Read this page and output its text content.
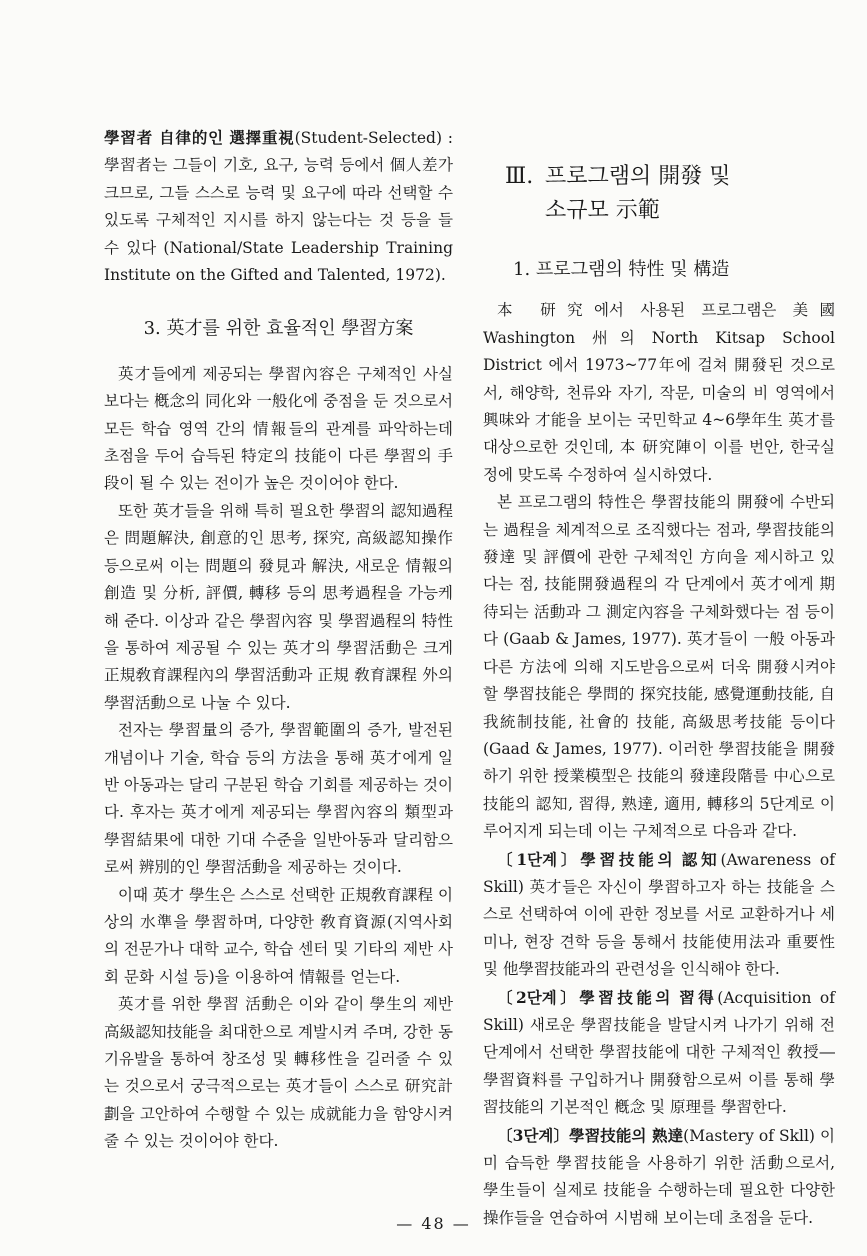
學習者 自律的인 選擇重視(Student-Selected) : 學習者는 그들이 기호, 요구, 능력 등에서 個人差가 크므로, 그들 스스로 능력 및 요구에 따라 선택할 수 있도록 구체적인 지시를 하지 않는다는 것 등을 들 수 있다 (National/State Leadership Training Institute on the Gifted and Talented, 1972).

3. 英才를 위한 효율적인 學習方案

英才들에게 제공되는 學習內容은 구체적인 사실보다는 槪念의 同化와 一般化에 중점을 둔 것으로서 모든 학습 영역 간의 情報들의 관계를 파악하는데 초점을 두어 습득된 特定의 技能이 다른 學習의 手段이 될 수 있는 전이가 높은 것이어야 한다.

또한 英才들을 위해 특히 필요한 學習의 認知過程은 問題解決, 創意的인 思考, 探究, 高級認知操作 등으로써 이는 問題의 發見과 解決, 새로운 情報의 創造 및 分析, 評價, 轉移 등의 思考過程을 가능케 해 준다. 이상과 같은 學習內容 및 學習過程의 特性을 통하여 제공될 수 있는 英才의 學習活動은 크게 正規敎育課程內의 學習活動과 正規 敎育課程 外의 學習活動으로 나눌 수 있다.

전자는 學習量의 증가, 學習範圍의 증가, 발전된 개념이나 기술, 학습 등의 方法을 통해 英才에게 일반 아동과는 달리 구분된 학습 기회를 제공하는 것이다. 후자는 英才에게 제공되는 學習內容의 類型과 學習結果에 대한 기대 수준을 일반아동과 달리함으로써 辨別的인 學習活動을 제공하는 것이다.

이때 英才 學生은 스스로 선택한 正規敎育課程 이상의 水準을 學習하며, 다양한 敎育資源(지역사회의 전문가나 대학 교수, 학습 센터 및 기타의 제반 사회 문화 시설 등)을 이용하여 情報를 얻는다.

英才를 위한 學習 活動은 이와 같이 學生의 제반 高級認知技能을 최대한으로 계발시켜 주며, 강한 동기유발을 통하여 창조성 및 轉移性을 길러줄 수 있는 것으로서 궁극적으로는 英才들이 스스로 研究計劃을 고안하여 수행할 수 있는 成就能力을 함양시켜 줄 수 있는 것이어야 한다.

Ⅲ. 프로그램의 開發 및
소규모 示範
1. 프로그램의 特性 및 構造

本 研究에서 사용된 프로그램은 美國 Washington 州의 North Kitsap School District 에서 1973~77年에 걸쳐 開發된 것으로서, 해양학, 천류와 자기, 작문, 미술의 비 영역에서 興味와 才能을 보이는 국민학교 4~6學年生 英才를 대상으로한 것인데, 本 研究陣이 이를 번안, 한국실정에 맞도록 수정하여 실시하였다.

본 프로그램의 特性은 學習技能의 開發에 수반되는 過程을 체계적으로 조직했다는 점과, 學習技能의 發達 및 評價에 관한 구체적인 方向을 제시하고 있다는 점, 技能開發過程의 각 단계에서 英才에게 期待되는 活動과 그 測定內容을 구체화했다는 점 등이다 (Gaab & James, 1977). 英才들이 一般 아동과 다른 方法에 의해 지도받음으로써 더욱 開發시켜야 할 學習技能은 學問的 探究技能, 感覺運動技能, 自我統制技能, 社會的 技能, 高級思考技能 등이다 (Gaad & James, 1977). 이러한 學習技能을 開發하기 위한 授業模型은 技能의 發達段階를 中心으로 技能의 認知, 習得, 熟達, 適用, 轉移의 5단계로 이루어지게 되는데 이는 구체적으로 다음과 같다.

〔1단계〕學習技能의 認知(Awareness of Skill) 英才들은 자신이 學習하고자 하는 技能을 스스로 선택하여 이에 관한 정보를 서로 교환하거나 세미나, 현장 견학 등을 통해서 技能使用法과 重要性 및 他學習技能과의 관련성을 인식해야 한다.

〔2단계〕學習技能의 習得(Acquisition of Skill) 새로운 學習技能을 발달시켜 나가기 위해 전 단계에서 선택한 學習技能에 대한 구체적인 敎授―學習資料를 구입하거나 開發함으로써 이를 통해 學習技能의 기본적인 槪念 및 原理를 學習한다.

〔3단계〕學習技能의 熟達(Mastery of Skll) 이미 습득한 學習技能을 사용하기 위한 活動으로서, 學生들이 실제로 技能을 수행하는데 필요한 다양한 操作들을 연습하여 시범해 보이는데 초점을 둔다.

— 48 —
